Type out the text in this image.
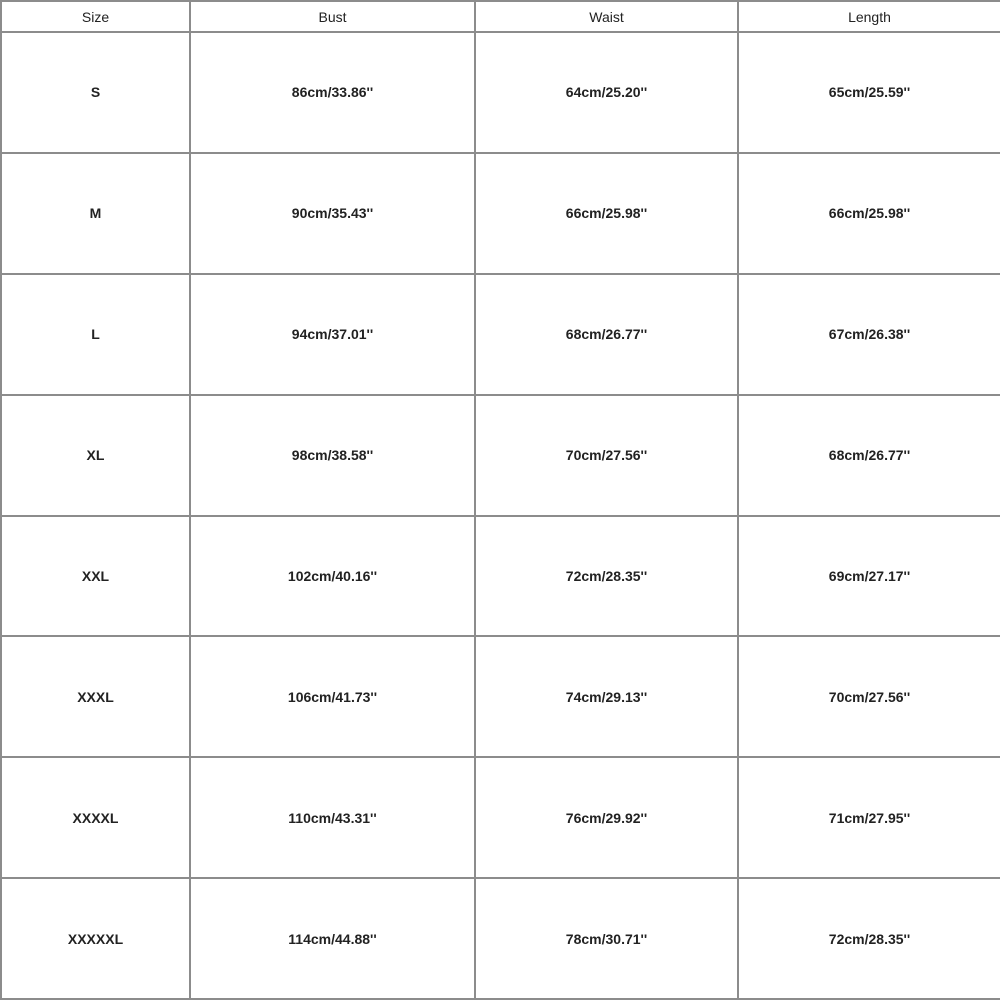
Size	Bust	Waist	Length
S	86cm/33.86''	64cm/25.20''	65cm/25.59''
M	90cm/35.43''	66cm/25.98''	66cm/25.98''
L	94cm/37.01''	68cm/26.77''	67cm/26.38''
XL	98cm/38.58''	70cm/27.56''	68cm/26.77''
XXL	102cm/40.16''	72cm/28.35''	69cm/27.17''
XXXL	106cm/41.73''	74cm/29.13''	70cm/27.56''
XXXXL	110cm/43.31''	76cm/29.92''	71cm/27.95''
XXXXXL	114cm/44.88''	78cm/30.71''	72cm/28.35''
